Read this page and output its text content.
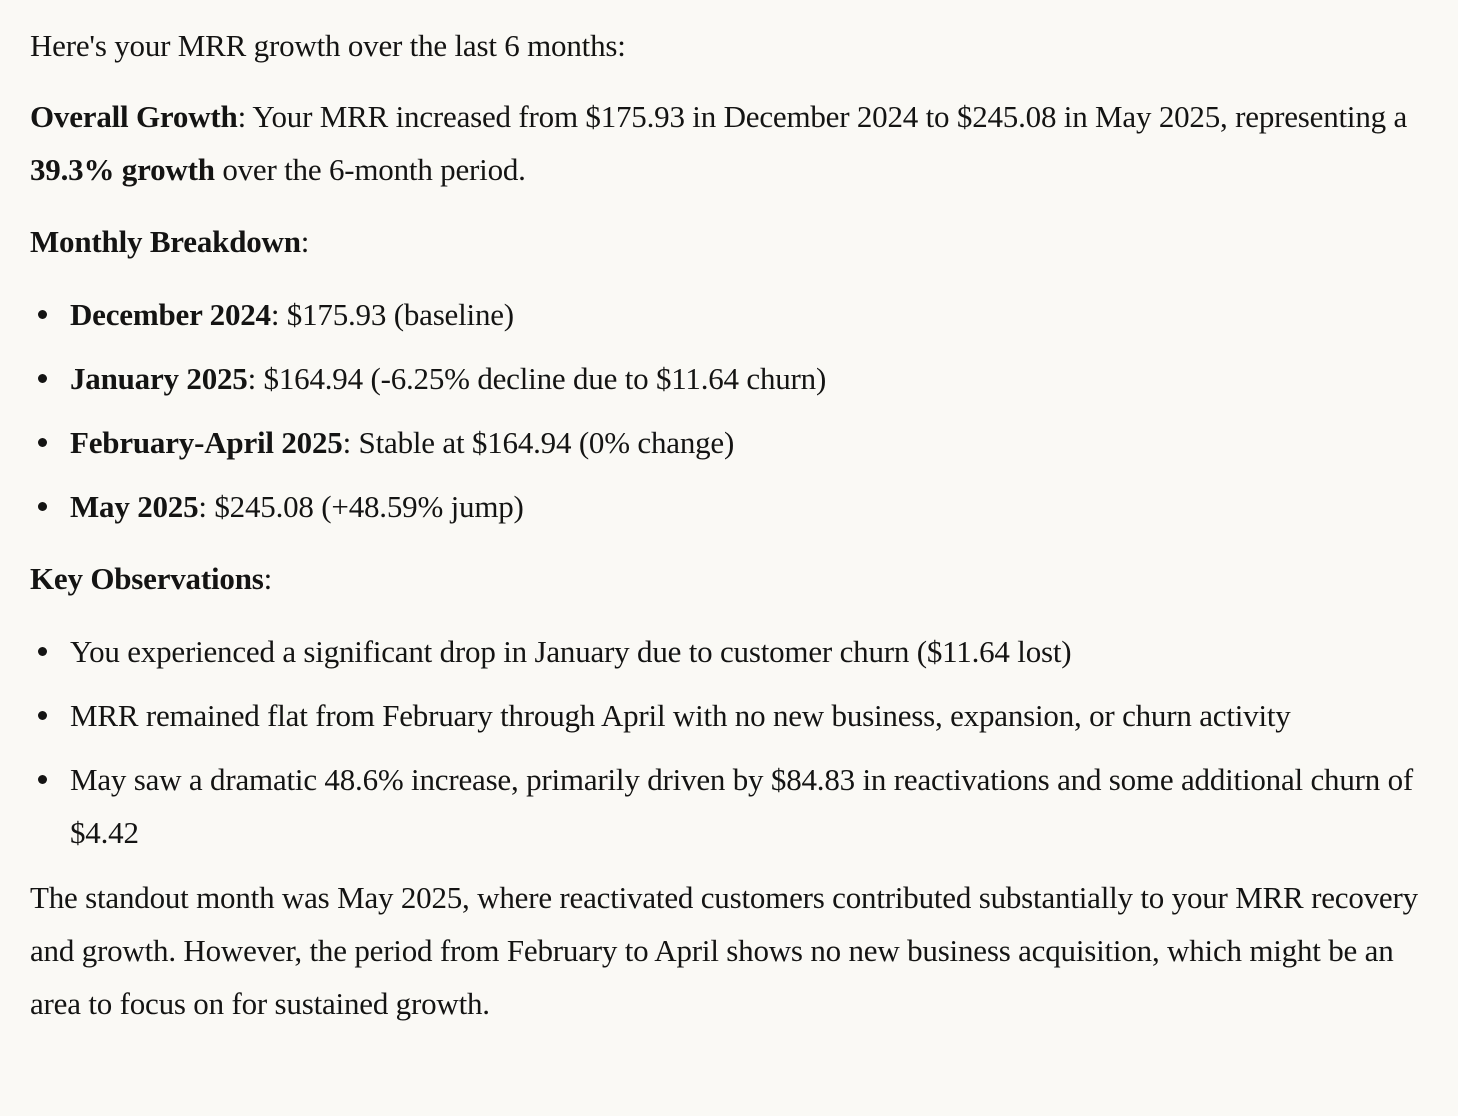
Here's your MRR growth over the last 6 months:

Overall Growth: Your MRR increased from $175.93 in December 2024 to $245.08 in May 2025, representing a 39.3% growth over the 6-month period.

Monthly Breakdown:

December 2024: $175.93 (baseline)
January 2025: $164.94 (-6.25% decline due to $11.64 churn)
February-April 2025: Stable at $164.94 (0% change)
May 2025: $245.08 (+48.59% jump)

Key Observations:

You experienced a significant drop in January due to customer churn ($11.64 lost)
MRR remained flat from February through April with no new business, expansion, or churn activity
May saw a dramatic 48.6% increase, primarily driven by $84.83 in reactivations and some additional churn of $4.42

The standout month was May 2025, where reactivated customers contributed substantially to your MRR recovery and growth. However, the period from February to April shows no new business acquisition, which might be an area to focus on for sustained growth.
